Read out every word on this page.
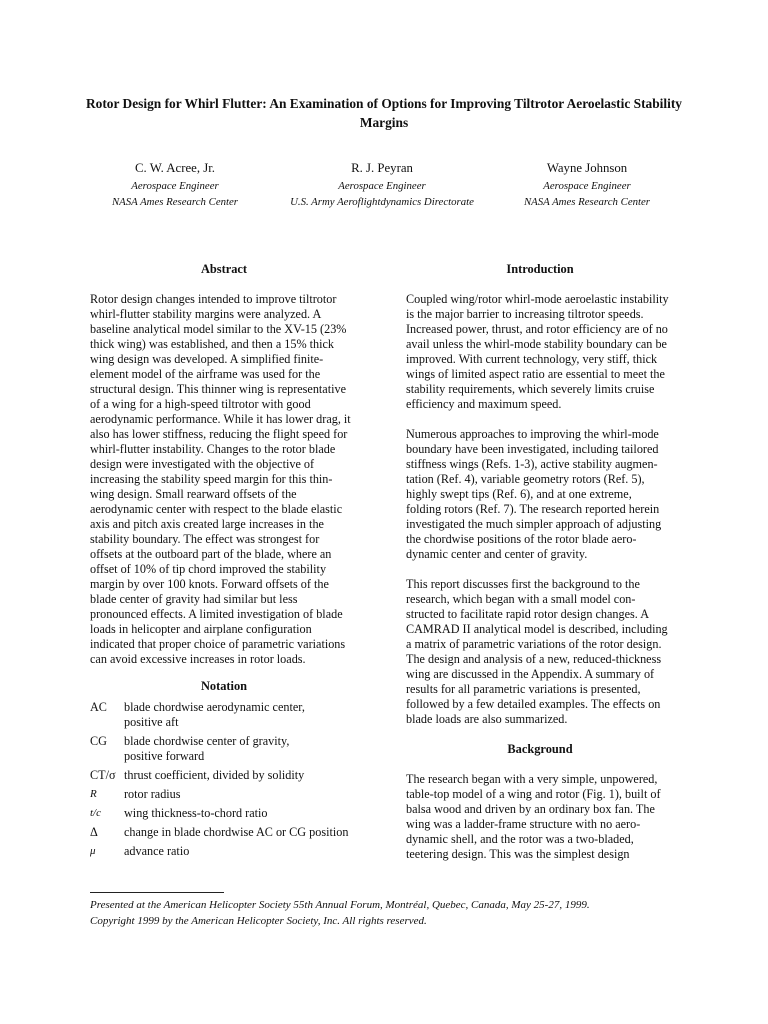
Rotor Design for Whirl Flutter: An Examination of Options for Improving Tiltrotor Aeroelastic Stability Margins
C. W. Acree, Jr.
Aerospace Engineer
NASA Ames Research Center
R. J. Peyran
Aerospace Engineer
U.S. Army Aeroflightdynamics Directorate
Wayne Johnson
Aerospace Engineer
NASA Ames Research Center
Abstract
Rotor design changes intended to improve tiltrotor
whirl-flutter stability margins were analyzed. A
baseline analytical model similar to the XV-15 (23%
thick wing) was established, and then a 15% thick
wing design was developed. A simplified finite-
element model of the airframe was used for the
structural design. This thinner wing is representative
of a wing for a high-speed tiltrotor with good
aerodynamic performance. While it has lower drag, it
also has lower stiffness, reducing the flight speed for
whirl-flutter instability. Changes to the rotor blade
design were investigated with the objective of
increasing the stability speed margin for this thin-
wing design. Small rearward offsets of the
aerodynamic center with respect to the blade elastic
axis and pitch axis created large increases in the
stability boundary. The effect was strongest for
offsets at the outboard part of the blade, where an
offset of 10% of tip chord improved the stability
margin by over 100 knots. Forward offsets of the
blade center of gravity had similar but less
pronounced effects. A limited investigation of blade
loads in helicopter and airplane configuration
indicated that proper choice of parametric variations
can avoid excessive increases in rotor loads.
Notation
AC	blade chordwise aerodynamic center,
positive aft
CG	blade chordwise center of gravity,
positive forward
CT/σ thrust coefficient, divided by solidity
R	rotor radius
t/c	wing thickness-to-chord ratio
Δ	change in blade chordwise AC or CG position
μ	advance ratio
Introduction
Coupled wing/rotor whirl-mode aeroelastic instability
is the major barrier to increasing tiltrotor speeds.
Increased power, thrust, and rotor efficiency are of no
avail unless the whirl-mode stability boundary can be
improved. With current technology, very stiff, thick
wings of limited aspect ratio are essential to meet the
stability requirements, which severely limits cruise
efficiency and maximum speed.
Numerous approaches to improving the whirl-mode
boundary have been investigated, including tailored
stiffness wings (Refs. 1-3), active stability augmen-
tation (Ref. 4), variable geometry rotors (Ref. 5),
highly swept tips (Ref. 6), and at one extreme,
folding rotors (Ref. 7). The research reported herein
investigated the much simpler approach of adjusting
the chordwise positions of the rotor blade aero-
dynamic center and center of gravity.
This report discusses first the background to the
research, which began with a small model con-
structed to facilitate rapid rotor design changes. A
CAMRAD II analytical model is described, including
a matrix of parametric variations of the rotor design.
The design and analysis of a new, reduced-thickness
wing are discussed in the Appendix. A summary of
results for all parametric variations is presented,
followed by a few detailed examples. The effects on
blade loads are also summarized.
Background
The research began with a very simple, unpowered,
table-top model of a wing and rotor (Fig. 1), built of
balsa wood and driven by an ordinary box fan. The
wing was a ladder-frame structure with no aero-
dynamic shell, and the rotor was a two-bladed,
teetering design. This was the simplest design
Presented at the American Helicopter Society 55th Annual Forum, Montréal, Quebec, Canada, May 25-27, 1999.
Copyright 1999 by the American Helicopter Society, Inc. All rights reserved.
